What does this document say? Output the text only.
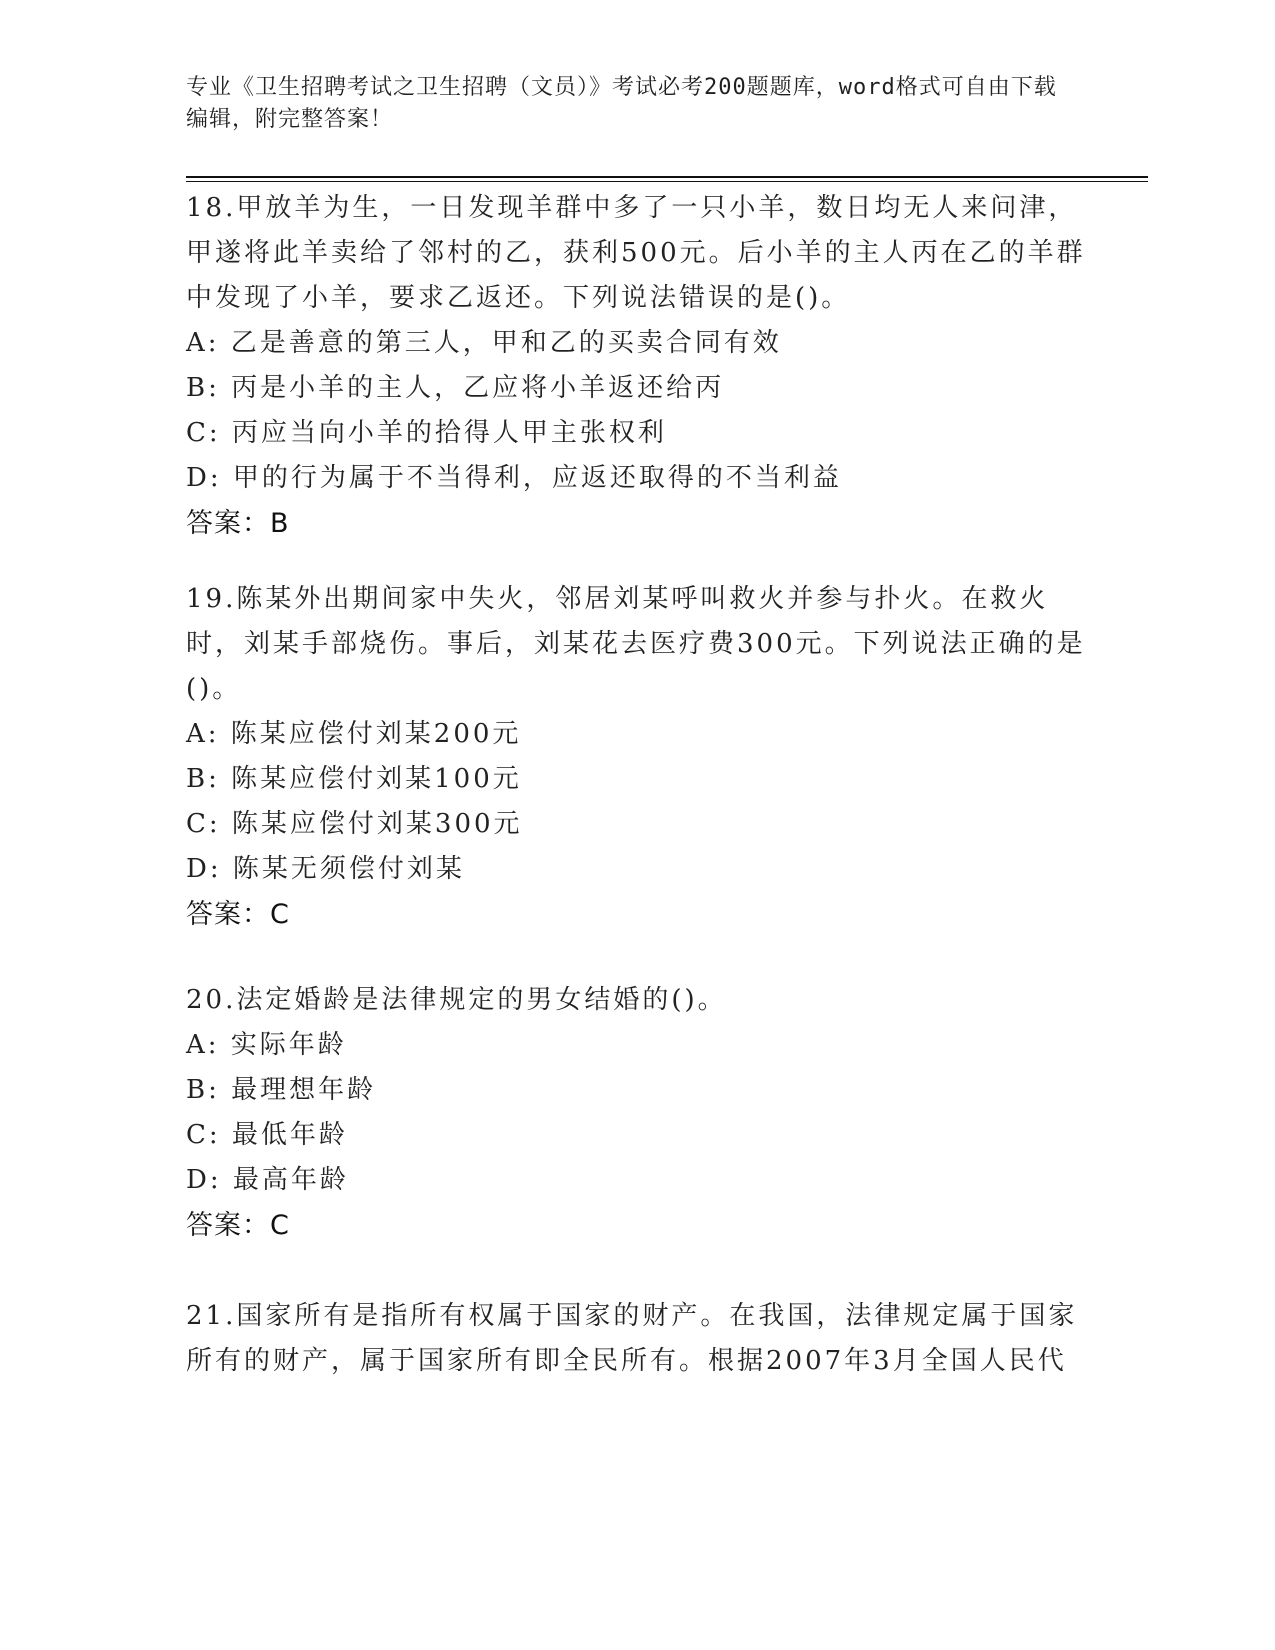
专业《卫生招聘考试之卫生招聘（文员）》考试必考200题题库，word格式可自由下载编辑，附完整答案！

18.甲放羊为生，一日发现羊群中多了一只小羊，数日均无人来问津，甲遂将此羊卖给了邻村的乙，获利500元。后小羊的主人丙在乙的羊群中发现了小羊，要求乙返还。下列说法错误的是()。

A: 乙是善意的第三人，甲和乙的买卖合同有效
B: 丙是小羊的主人，乙应将小羊返还给丙
C: 丙应当向小羊的拾得人甲主张权利
D: 甲的行为属于不当得利，应返还取得的不当利益
答案：B

19.陈某外出期间家中失火，邻居刘某呼叫救火并参与扑火。在救火时，刘某手部烧伤。事后，刘某花去医疗费300元。下列说法正确的是()。

A: 陈某应偿付刘某200元
B: 陈某应偿付刘某100元
C: 陈某应偿付刘某300元
D: 陈某无须偿付刘某
答案：C

20.法定婚龄是法律规定的男女结婚的()。

A: 实际年龄
B: 最理想年龄
C: 最低年龄
D: 最高年龄
答案：C

21.国家所有是指所有权属于国家的财产。在我国，法律规定属于国家所有的财产，属于国家所有即全民所有。根据2007年3月全国人民代
